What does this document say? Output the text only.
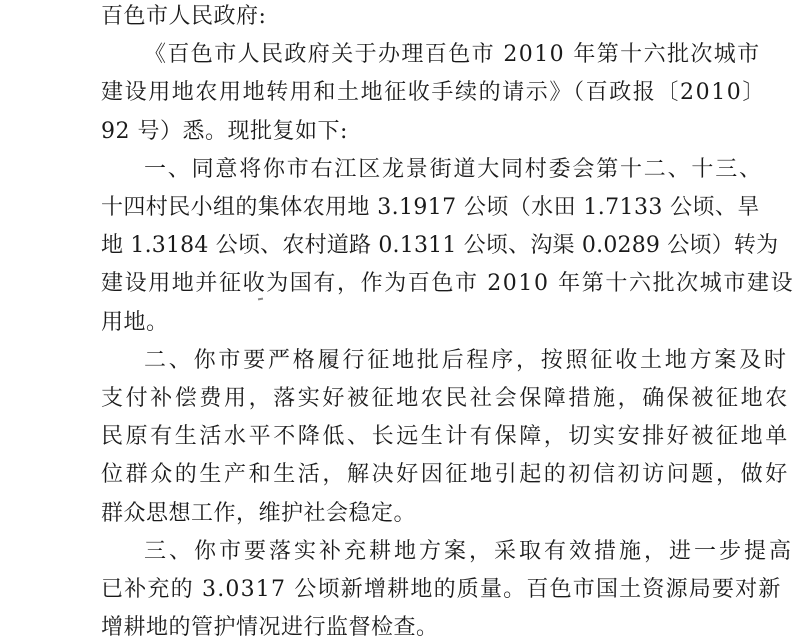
百色市人民政府:
《百色市人民政府关于办理百色市 2010 年第十六批次城市
建设用地农用地转用和土地征收手续的请示》（百政报〔2010〕
92 号）悉。现批复如下:
一、同意将你市右江区龙景街道大同村委会第十二、十三、
十四村民小组的集体农用地 3.1917 公顷（水田 1.7133 公顷、旱
地 1.3184 公顷、农村道路 0.1311 公顷、沟渠 0.0289 公顷）转为
建设用地并征收为国有，作为百色市 2010 年第十六批次城市建设
用地。
二、你市要严格履行征地批后程序，按照征收土地方案及时
支付补偿费用，落实好被征地农民社会保障措施，确保被征地农
民原有生活水平不降低、长远生计有保障，切实安排好被征地单
位群众的生产和生活，解决好因征地引起的初信初访问题，做好
群众思想工作，维护社会稳定。
三、你市要落实补充耕地方案，采取有效措施，进一步提高
已补充的 3.0317 公顷新增耕地的质量。百色市国土资源局要对新
增耕地的管护情况进行监督检查。
